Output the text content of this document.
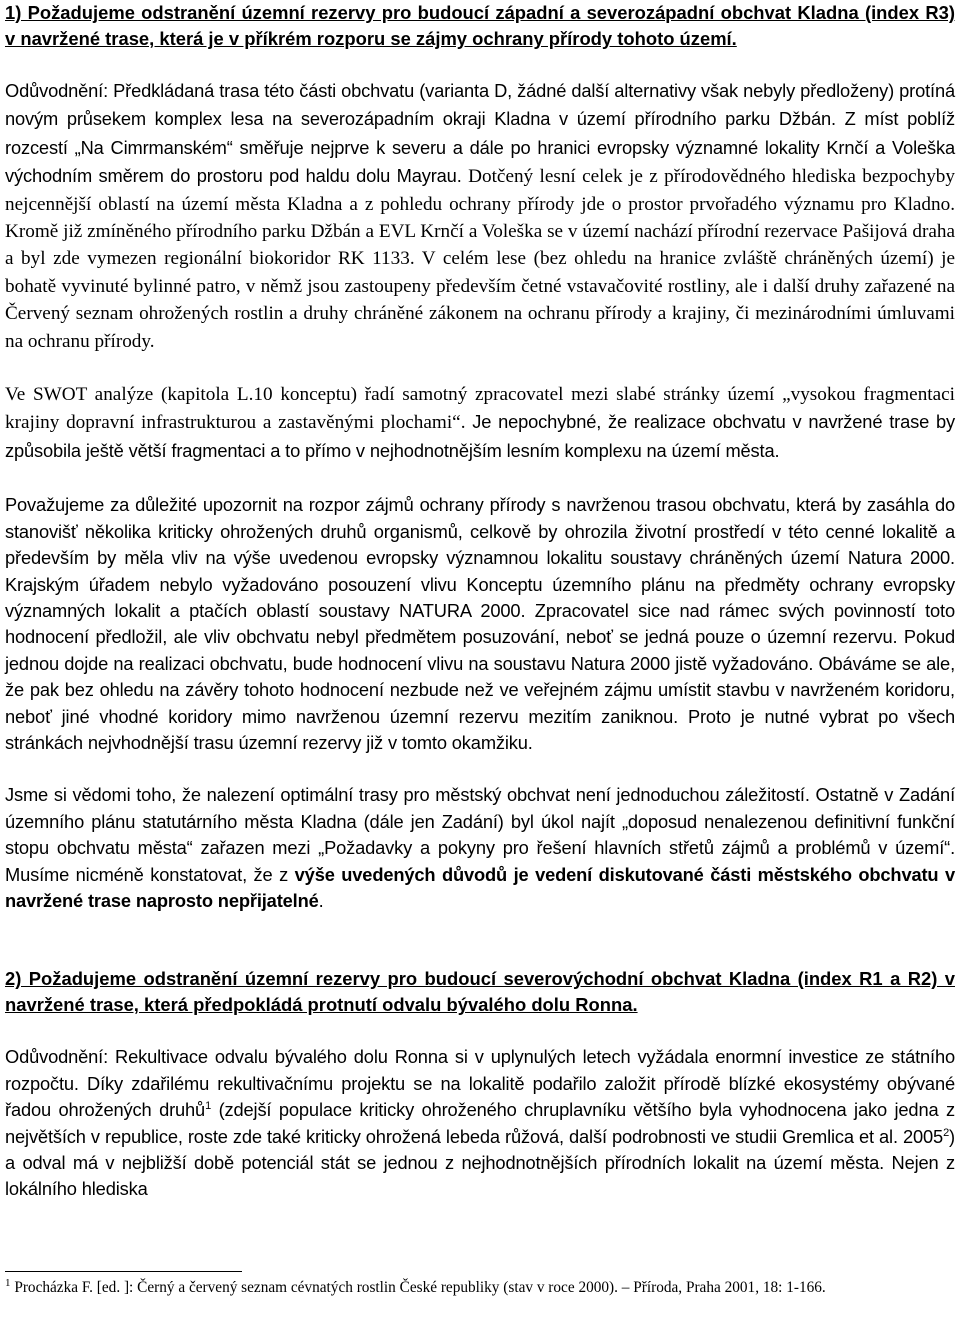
1) Požadujeme odstranění územní rezervy pro budoucí západní a severozápadní obchvat Kladna (index R3) v navržené trase, která je v příkrém rozporu se zájmy ochrany přírody tohoto území.

Odůvodnění: Předkládaná trasa této části obchvatu (varianta D, žádné další alternativy však nebyly předloženy) protíná novým průsekem komplex lesa na severozápadním okraji Kladna v území přírodního parku Džbán. Z míst poblíž rozcestí „Na Cimrmanském“ směřuje nejprve k severu a dále po hranici evropsky významné lokality Krnčí a Voleška východním směrem do prostoru pod haldu dolu Mayrau. Dotčený lesní celek je z přírodovědného hlediska bezpochyby nejcennější oblastí na území města Kladna a z pohledu ochrany přírody jde o prostor prvořadého významu pro Kladno. Kromě již zmíněného přírodního parku Džbán a EVL Krnčí a Voleška se v území nachází přírodní rezervace Pašijová draha a byl zde vymezen regionální biokoridor RK 1133. V celém lese (bez ohledu na hranice zvláště chráněných území) je bohatě vyvinuté bylinné patro, v němž jsou zastoupeny především četné vstavačovité rostliny, ale i další druhy zařazené na Červený seznam ohrožených rostlin a druhy chráněné zákonem na ochranu přírody a krajiny, či mezinárodními úmluvami na ochranu přírody.

Ve SWOT analýze (kapitola L.10 konceptu) řadí samotný zpracovatel mezi slabé stránky území „vysokou fragmentaci krajiny dopravní infrastrukturou a zastavěnými plochami“. Je nepochybné, že realizace obchvatu v navržené trase by způsobila ještě větší fragmentaci a to přímo v nejhodnotnějším lesním komplexu na území města.

Považujeme za důležité upozornit na rozpor zájmů ochrany přírody s navrženou trasou obchvatu, která by zasáhla do stanovišť několika kriticky ohrožených druhů organismů, celkově by ohrozila životní prostředí v této cenné lokalitě a především by měla vliv na výše uvedenou evropsky významnou lokalitu soustavy chráněných území Natura 2000. Krajským úřadem nebylo vyžadováno posouzení vlivu Konceptu územního plánu na předměty ochrany evropsky významných lokalit a ptačích oblastí soustavy NATURA 2000. Zpracovatel sice nad rámec svých povinností toto hodnocení předložil, ale vliv obchvatu nebyl předmětem posuzování, neboť se jedná pouze o územní rezervu. Pokud jednou dojde na realizaci obchvatu, bude hodnocení vlivu na soustavu Natura 2000 jistě vyžadováno. Obáváme se ale, že pak bez ohledu na závěry tohoto hodnocení nezbude než ve veřejném zájmu umístit stavbu v navrženém koridoru, neboť jiné vhodné koridory mimo navrženou územní rezervu mezitím zaniknou. Proto je nutné vybrat po všech stránkách nejvhodnější trasu územní rezervy již v tomto okamžiku.

Jsme si vědomi toho, že nalezení optimální trasy pro městský obchvat není jednoduchou záležitostí. Ostatně v Zadání územního plánu statutárního města Kladna (dále jen Zadání) byl úkol najít „doposud nenalezenou definitivní funkční stopu obchvatu města“ zařazen mezi „Požadavky a pokyny pro řešení hlavních střetů zájmů a problémů v území“. Musíme nicméně konstatovat, že z výše uvedených důvodů je vedení diskutované části městského obchvatu v navržené trase naprosto nepřijatelné.

2) Požadujeme odstranění územní rezervy pro budoucí severovýchodní obchvat Kladna (index R1 a R2) v navržené trase, která předpokládá protnutí odvalu bývalého dolu Ronna.

Odůvodnění: Rekultivace odvalu bývalého dolu Ronna si v uplynulých letech vyžádala enormní investice ze státního rozpočtu. Díky zdařilému rekultivačnímu projektu se na lokalitě podařilo založit přírodě blízké ekosystémy obývané řadou ohrožených druhů$^1$ (zdejší populace kriticky ohroženého chruplavníku většího byla vyhodnocena jako jedna z největších v republice, roste zde také kriticky ohrožená lebeda růžová, další podrobnosti ve studii Gremlica et al. 2005$^2$) a odval má v nejbližší době potenciál stát se jednou z nejhodnotnějších přírodních lokalit na území města. Nejen z lokálního hlediska

$^1$ Procházka F. [ed. ]: Černý a červený seznam cévnatých rostlin České republiky (stav v roce 2000). – Příroda, Praha 2001, 18: 1-166.
